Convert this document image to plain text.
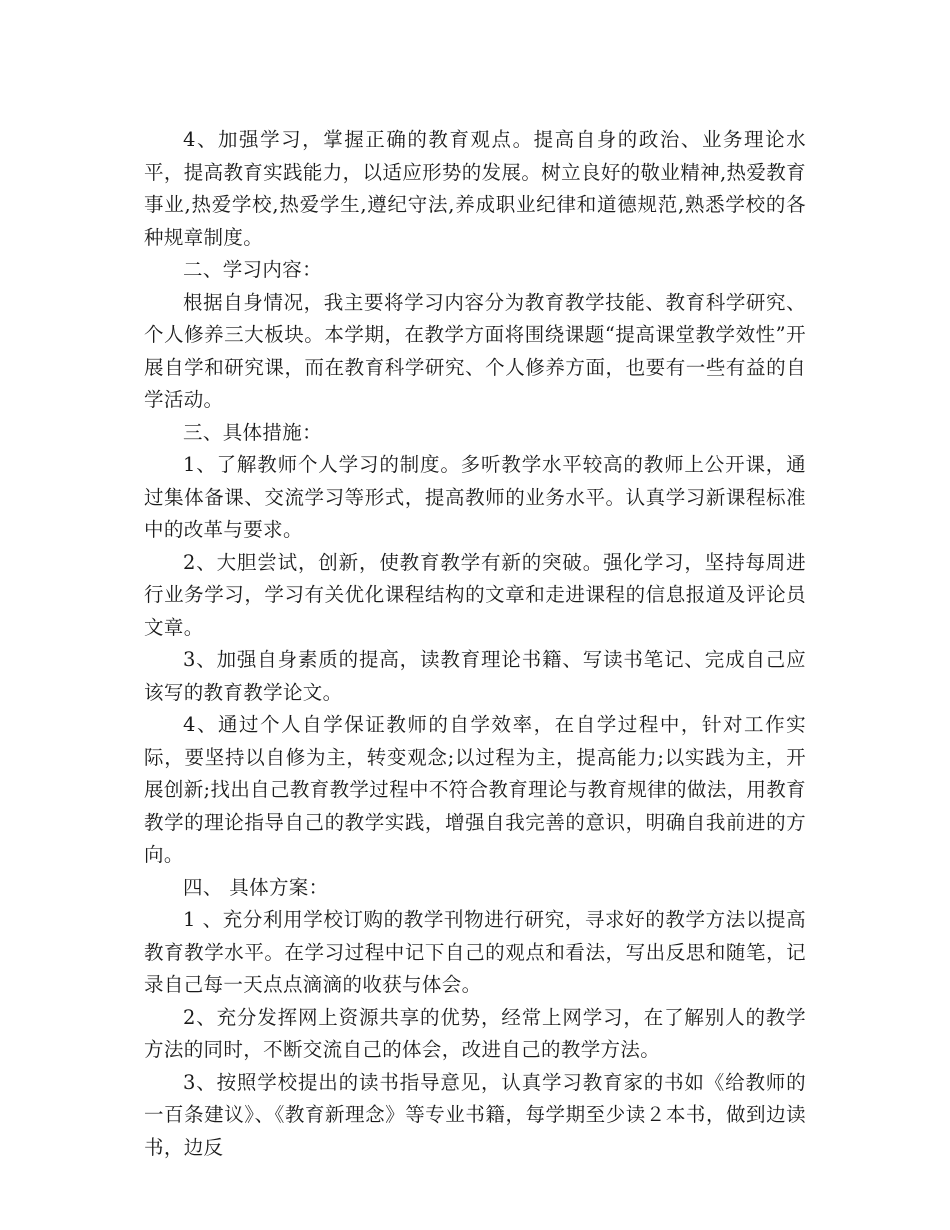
4、加强学习，掌握正确的教育观点。提高自身的政治、业务理论水平，提高教育实践能力，以适应形势的发展。树立良好的敬业精神,热爱教育事业,热爱学校,热爱学生,遵纪守法,养成职业纪律和道德规范,熟悉学校的各种规章制度。

二、学习内容：

根据自身情况，我主要将学习内容分为教育教学技能、教育科学研究、个人修养三大板块。本学期，在教学方面将围绕课题“提高课堂教学效性”开展自学和研究课，而在教育科学研究、个人修养方面，也要有一些有益的自学活动。

三、具体措施：

1、了解教师个人学习的制度。多听教学水平较高的教师上公开课，通过集体备课、交流学习等形式，提高教师的业务水平。认真学习新课程标准中的改革与要求。

2、大胆尝试，创新，使教育教学有新的突破。强化学习，坚持每周进行业务学习，学习有关优化课程结构的文章和走进课程的信息报道及评论员文章。

3、加强自身素质的提高，读教育理论书籍、写读书笔记、完成自己应该写的教育教学论文。

4、通过个人自学保证教师的自学效率，在自学过程中，针对工作实际，要坚持以自修为主，转变观念;以过程为主，提高能力;以实践为主，开展创新;找出自己教育教学过程中不符合教育理论与教育规律的做法，用教育教学的理论指导自己的教学实践，增强自我完善的意识，明确自我前进的方向。

四、 具体方案：

1 、充分利用学校订购的教学刊物进行研究，寻求好的教学方法以提高教育教学水平。在学习过程中记下自己的观点和看法，写出反思和随笔，记录自己每一天点点滴滴的收获与体会。

2、充分发挥网上资源共享的优势，经常上网学习，在了解别人的教学方法的同时，不断交流自己的体会，改进自己的教学方法。

3、按照学校提出的读书指导意见，认真学习教育家的书如《给教师的一百条建议》、《教育新理念》等专业书籍，每学期至少读２本书，做到边读书，边反
